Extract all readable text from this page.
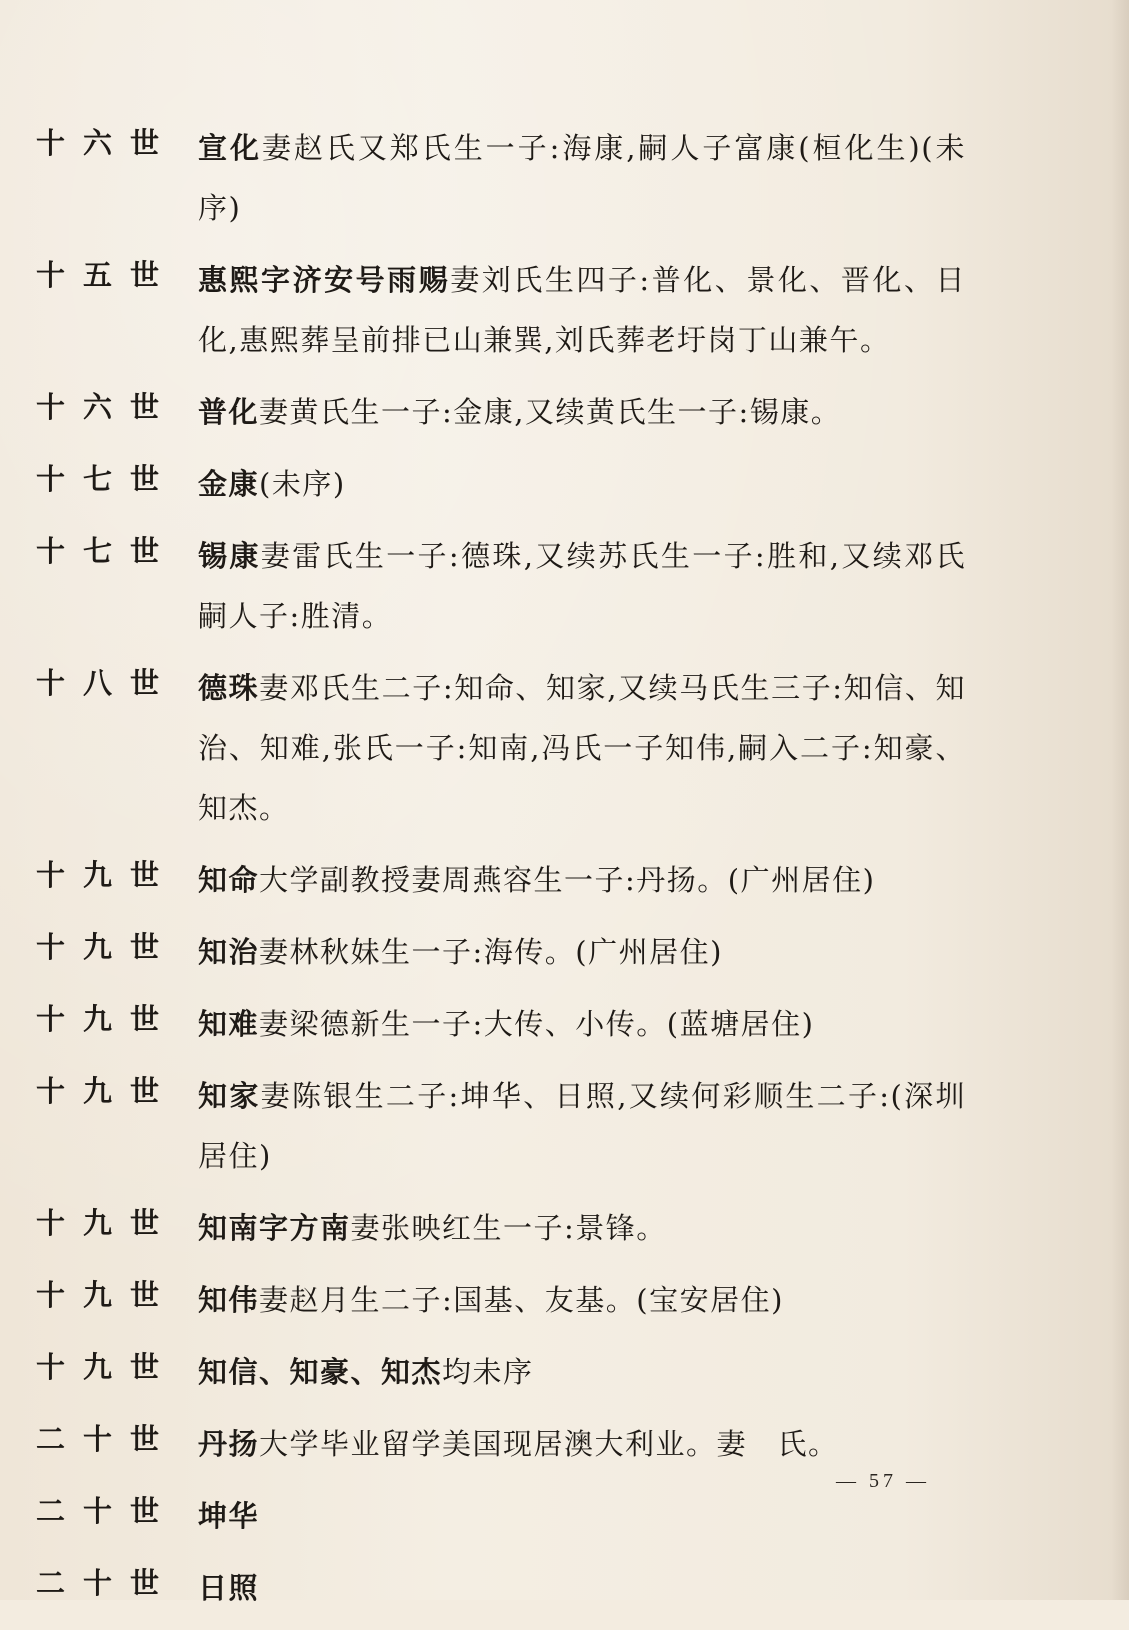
十六世 宣化妻赵氏又郑氏生一子:海康,嗣人子富康(桓化生)(未序)
十五世 惠熙字济安号雨赐妻刘氏生四子:普化、景化、晋化、日化,惠熙葬呈前排已山兼巽,刘氏葬老圩岗丁山兼午。
十六世 普化妻黄氏生一子:金康,又续黄氏生一子:锡康。
十七世 金康(未序)
十七世 锡康妻雷氏生一子:德珠,又续苏氏生一子:胜和,又续邓氏嗣人子:胜清。
十八世 德珠妻邓氏生二子:知命、知家,又续马氏生三子:知信、知治、知难,张氏一子:知南,冯氏一子知伟,嗣入二子:知豪、知杰。
十九世 知命大学副教授妻周燕容生一子:丹扬。(广州居住)
十九世 知治妻林秋妹生一子:海传。(广州居住)
十九世 知难妻梁德新生一子:大传、小传。(蓝塘居住)
十九世 知家妻陈银生二子:坤华、日照,又续何彩顺生二子:(深圳居住)
十九世 知南字方南妻张映红生一子:景锋。
十九世 知伟妻赵月生二子:国基、友基。(宝安居住)
十九世 知信、知豪、知杰均未序
二十世 丹扬大学毕业留学美国现居澳大利业。妻　氏。
二十世 坤华
二十世 日照
— 57 —
